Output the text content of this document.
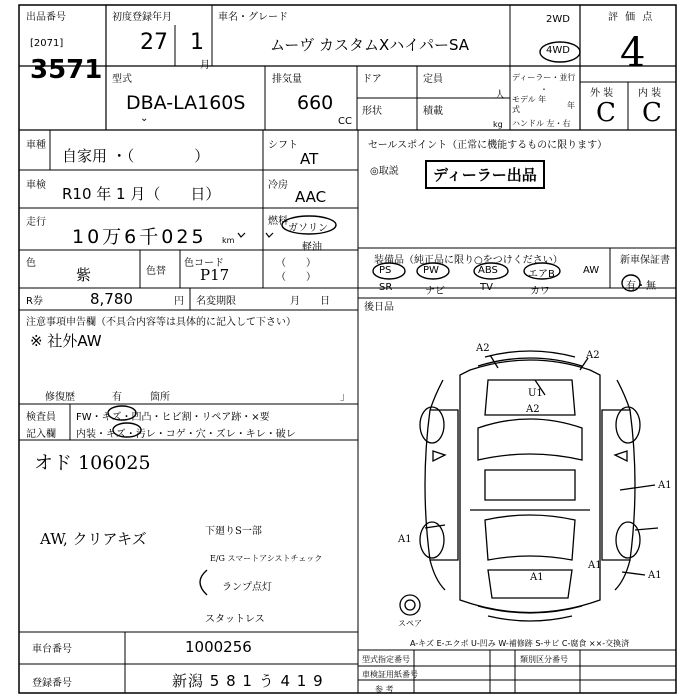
出品番号
[2071]
3571
初度登録年月
27 1
月
車名・グレード
ムーヴ カスタムXハイパーSA
2WD
4WD
評 価 点
4
外 装 内 装
C C
型式
DBA-LA160S
⌄
排気量
660
CC
ドア	定員
人
形状	積載
kg
ディーラー・並行
・
モデル 年式	年
ハンドル 左・右
車種
自家用 ・（　　　　）
車検 R10 年 1 月（　　日）
走行
10万6千025 km
色
紫	色替
色コード
P17	（　　）
R券	8,780	円 名変期限	月　　日
シフト
AT
冷房
AAC
燃料
ガソリン
軽油
（　　）
セールスポイント（正常に機能するものに限ります）
◎取説	ディーラー出品
装備品（純正品に限り○をつけください）	新車保証書
有・無
PS	PW	ABS	エアB	AW
SR	ナビ	TV	カワ
後日品
注意事項申告欄（不具合内容等は具体的に記入して下さい）
※ 社外AW
修復歴	有	箇所	」
検査員
記入欄
FW・キズ・凹凸・ヒビ割・リペア跡・×要
内装・キズ・汚レ・コゲ・穴・ズレ・キレ・破レ
オド 106025
AW, クリアキズ	下廻りS一部
E/G スマートアシストチェック
ランプ点灯
スタットレス
A2
A2
U1
A2
A1
A1
A1
A1
A1
スペア
A-キズ E-エクボ U-凹み W-補修跡 S-サビ C-腐食 ××-交換済
車台番号	1000256
登録番号	新潟 5 8 1 う 4 1 9
型式指定番号	類別区分番号
車検証用紙番号
参 考
